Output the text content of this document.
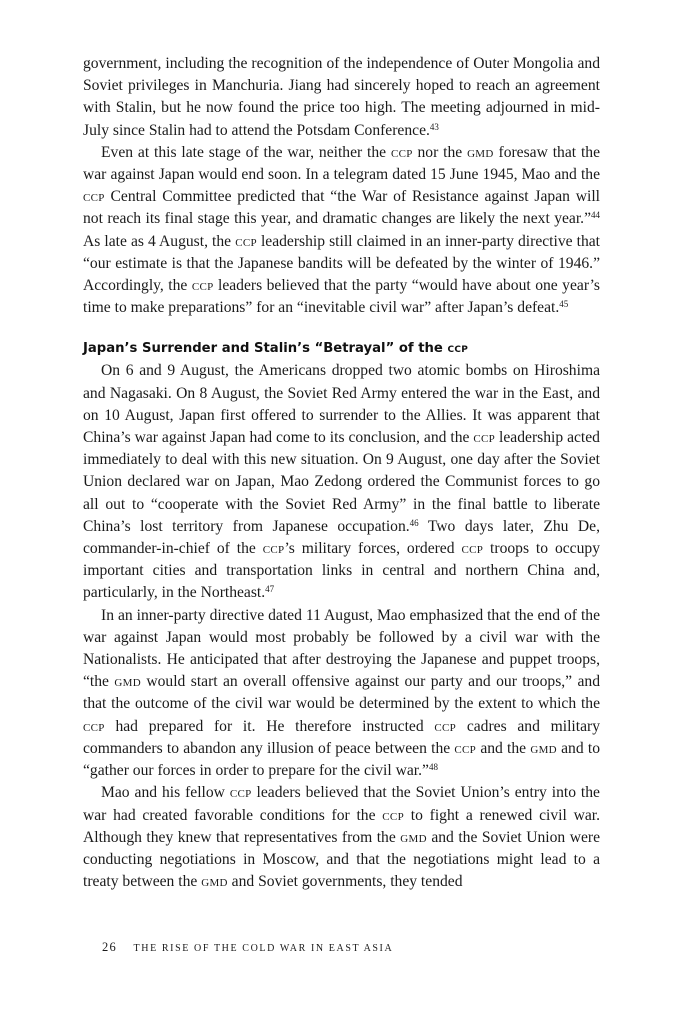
government, including the recognition of the independence of Outer Mongolia and Soviet privileges in Manchuria. Jiang had sincerely hoped to reach an agreement with Stalin, but he now found the price too high. The meeting adjourned in mid-July since Stalin had to attend the Potsdam Conference.$^{43}$

Even at this late stage of the war, neither the ccp nor the gmd foresaw that the war against Japan would end soon. In a telegram dated 15 June 1945, Mao and the ccp Central Committee predicted that “the War of Resistance against Japan will not reach its final stage this year, and dramatic changes are likely the next year.”$^{44}$ As late as 4 August, the ccp leadership still claimed in an inner-party directive that “our estimate is that the Japanese bandits will be defeated by the winter of 1946.” Accordingly, the ccp leaders believed that the party “would have about one year’s time to make preparations” for an “inevitable civil war” after Japan’s defeat.$^{45}$

Japan’s Surrender and Stalin’s “Betrayal” of the ccp

On 6 and 9 August, the Americans dropped two atomic bombs on Hiroshima and Nagasaki. On 8 August, the Soviet Red Army entered the war in the East, and on 10 August, Japan first offered to surrender to the Allies. It was apparent that China’s war against Japan had come to its conclusion, and the ccp leadership acted immediately to deal with this new situation. On 9 August, one day after the Soviet Union declared war on Japan, Mao Zedong ordered the Communist forces to go all out to “cooperate with the Soviet Red Army” in the final battle to liberate China’s lost territory from Japanese occupation.$^{46}$ Two days later, Zhu De, commander-in-chief of the ccp’s military forces, ordered ccp troops to occupy important cities and transportation links in central and northern China and, particularly, in the Northeast.$^{47}$

In an inner-party directive dated 11 August, Mao emphasized that the end of the war against Japan would most probably be followed by a civil war with the Nationalists. He anticipated that after destroying the Japanese and puppet troops, “the gmd would start an overall offensive against our party and our troops,” and that the outcome of the civil war would be determined by the extent to which the ccp had prepared for it. He therefore instructed ccp cadres and military commanders to abandon any illusion of peace between the ccp and the gmd and to “gather our forces in order to prepare for the civil war.”$^{48}$

Mao and his fellow ccp leaders believed that the Soviet Union’s entry into the war had created favorable conditions for the ccp to fight a renewed civil war. Although they knew that representatives from the gmd and the Soviet Union were conducting negotiations in Moscow, and that the negotiations might lead to a treaty between the gmd and Soviet governments, they tended

26 THE RISE OF THE COLD WAR IN EAST ASIA
